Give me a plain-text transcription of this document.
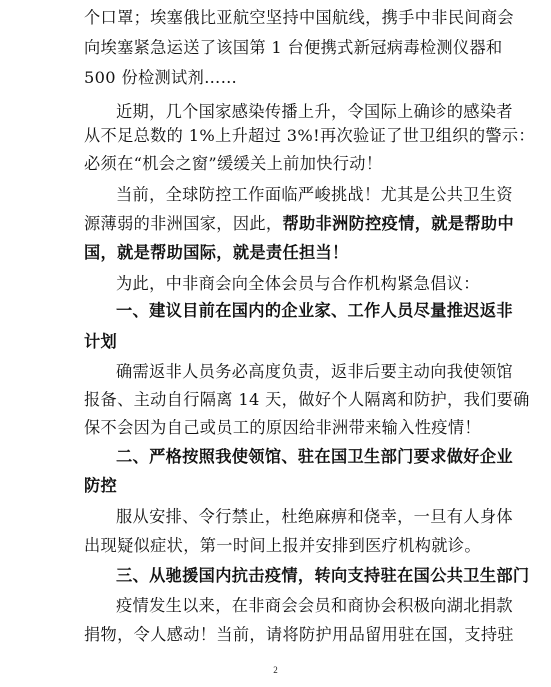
个口罩；埃塞俄比亚航空坚持中国航线，携手中非民间商会
向埃塞紧急运送了该国第 1 台便携式新冠病毒检测仪器和
500 份检测试剂……
近期，几个国家感染传播上升，令国际上确诊的感染者
从不足总数的 1%上升超过 3%!再次验证了世卫组织的警示：
必须在“机会之窗”缓缓关上前加快行动！
当前，全球防控工作面临严峻挑战！尤其是公共卫生资
源薄弱的非洲国家，因此，帮助非洲防控疫情，就是帮助中
国，就是帮助国际，就是责任担当！
为此，中非商会向全体会员与合作机构紧急倡议：
一、建议目前在国内的企业家、工作人员尽量推迟返非
计划
确需返非人员务必高度负责，返非后要主动向我使领馆
报备、主动自行隔离 14 天，做好个人隔离和防护，我们要确
保不会因为自己或员工的原因给非洲带来输入性疫情！
二、严格按照我使领馆、驻在国卫生部门要求做好企业
防控
服从安排、令行禁止，杜绝麻痹和侥幸，一旦有人身体
出现疑似症状，第一时间上报并安排到医疗机构就诊。
三、从驰援国内抗击疫情，转向支持驻在国公共卫生部门
疫情发生以来，在非商会会员和商协会积极向湖北捐款
捐物，令人感动！当前，请将防护用品留用驻在国，支持驻
2
